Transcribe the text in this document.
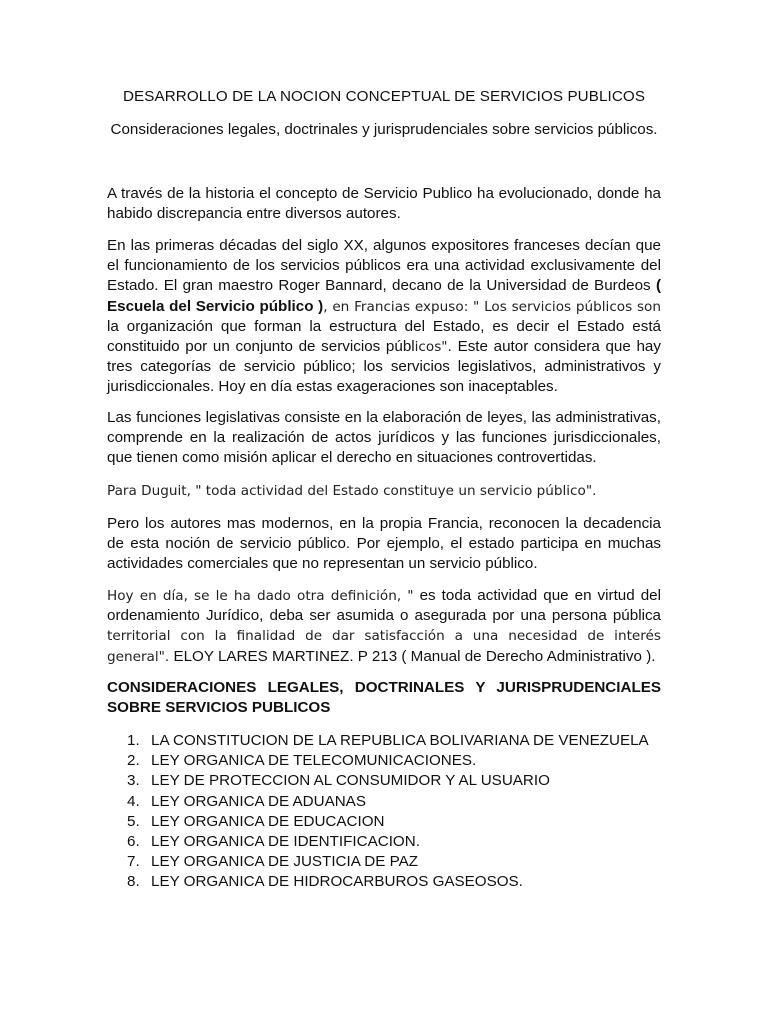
DESARROLLO DE LA NOCION CONCEPTUAL DE SERVICIOS PUBLICOS
Consideraciones legales, doctrinales y jurisprudenciales sobre servicios públicos.

A través de la historia el concepto de Servicio Publico ha evolucionado, donde ha habido discrepancia entre diversos autores.

En las primeras décadas del siglo XX, algunos expositores franceses decían que el funcionamiento de los servicios públicos era una actividad exclusivamente del Estado. El gran maestro Roger Bannard, decano de la Universidad de Burdeos ( Escuela del Servicio público ), en Francias expuso: " Los servicios públicos son la organización que forman la estructura del Estado, es decir el Estado está constituido por un conjunto de servicios públicos". Este autor considera que hay tres categorías de servicio público; los servicios legislativos, administrativos y jurisdiccionales. Hoy en día estas exageraciones son inaceptables.

Las funciones legislativas consiste en la elaboración de leyes, las administrativas, comprende en la realización de actos jurídicos y las funciones jurisdiccionales, que tienen como misión aplicar el derecho en situaciones controvertidas.

Para Duguit, " toda actividad del Estado constituye un servicio público".

Pero los autores mas modernos, en la propia Francia, reconocen la decadencia de esta noción de servicio público. Por ejemplo, el estado participa en muchas actividades comerciales que no representan un servicio público.

Hoy en día, se le ha dado otra definición, " es toda actividad que en virtud del ordenamiento Jurídico, deba ser asumida o asegurada por una persona pública territorial con la finalidad de dar satisfacción a una necesidad de interés general". ELOY LARES MARTINEZ. P 213 ( Manual de Derecho Administrativo ).

CONSIDERACIONES LEGALES, DOCTRINALES Y JURISPRUDENCIALES SOBRE SERVICIOS PUBLICOS
1. LA CONSTITUCION DE LA REPUBLICA BOLIVARIANA DE VENEZUELA
2. LEY ORGANICA DE TELECOMUNICACIONES.
3. LEY DE PROTECCION AL CONSUMIDOR Y AL USUARIO
4. LEY ORGANICA DE ADUANAS
5. LEY ORGANICA DE EDUCACION
6. LEY ORGANICA DE IDENTIFICACION.
7. LEY ORGANICA DE JUSTICIA DE PAZ
8. LEY ORGANICA DE HIDROCARBUROS GASEOSOS.
